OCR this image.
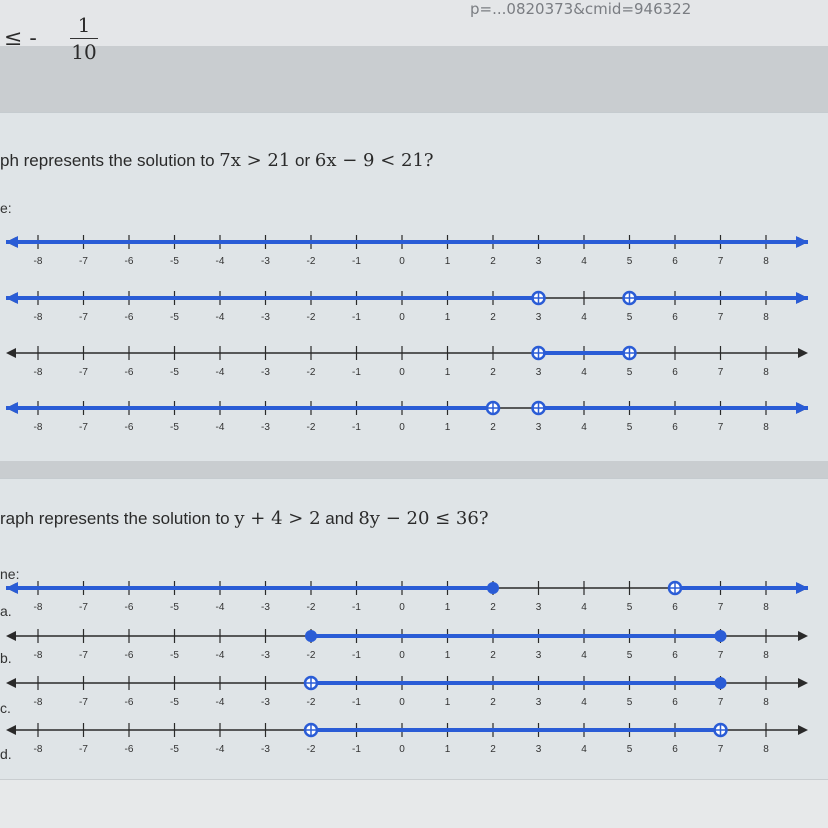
p=...0820373&cmid=946322
≤ -
1
10
ph represents the solution to 7x > 21 or 6x − 9 < 21?
e:
-8	-7	-6	-5	-4	-3	-2	-1	0	1	2	3	4	5	6	7	8
-8	-7	-6	-5	-4	-3	-2	-1	0	1	2	3	4	5	6	7	8
-8	-7	-6	-5	-4	-3	-2	-1	0	1	2	3	4	5	6	7	8
-8	-7	-6	-5	-4	-3	-2	-1	0	1	2	3	4	5	6	7	8
raph represents the solution to y + 4 > 2 and 8y − 20 ≤ 36?
ne:
a.
b.
c.
d.
-8	-7	-6	-5	-4	-3	-2	-1	0	1	2	3	4	5	6	7	8
-8	-7	-6	-5	-4	-3	-2	-1	0	1	2	3	4	5	6	7	8
-8	-7	-6	-5	-4	-3	-2	-1	0	1	2	3	4	5	6	7	8
-8	-7	-6	-5	-4	-3	-2	-1	0	1	2	3	4	5	6	7	8
